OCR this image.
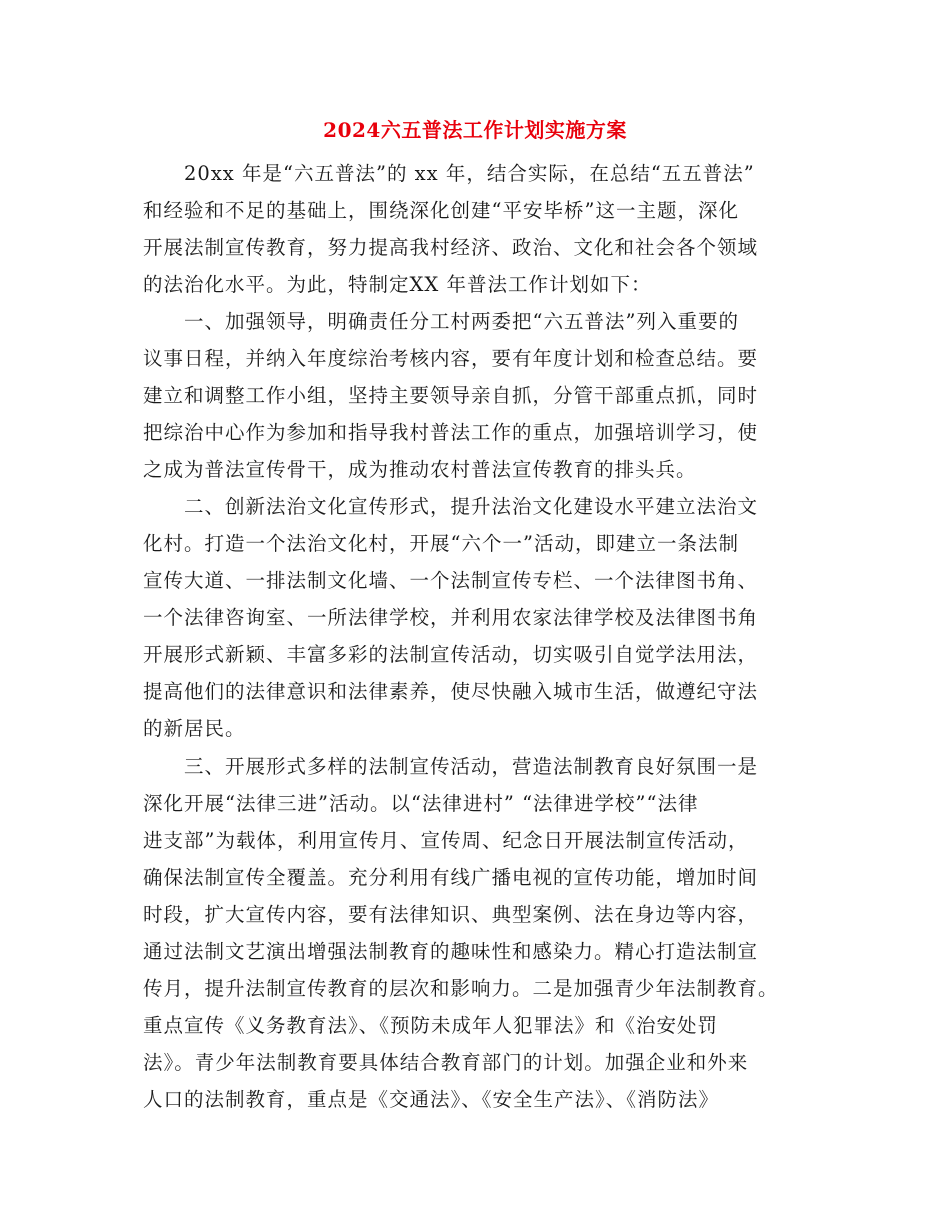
2024六五普法工作计划实施方案
　　20xx 年是“六五普法”的 xx 年，结合实际，在总结“五五普法”
和经验和不足的基础上，围绕深化创建“平安毕桥”这一主题，深化
开展法制宣传教育，努力提高我村经济、政治、文化和社会各个领域
的法治化水平。为此，特制定XX 年普法工作计划如下：
　　一、加强领导，明确责任分工村两委把“六五普法”列入重要的
议事日程，并纳入年度综治考核内容，要有年度计划和检查总结。要
建立和调整工作小组，坚持主要领导亲自抓，分管干部重点抓，同时
把综治中心作为参加和指导我村普法工作的重点，加强培训学习，使
之成为普法宣传骨干，成为推动农村普法宣传教育的排头兵。
　　二、创新法治文化宣传形式，提升法治文化建设水平建立法治文
化村。打造一个法治文化村，开展“六个一”活动，即建立一条法制
宣传大道、一排法制文化墙、一个法制宣传专栏、一个法律图书角、
一个法律咨询室、一所法律学校，并利用农家法律学校及法律图书角
开展形式新颖、丰富多彩的法制宣传活动，切实吸引自觉学法用法，
提高他们的法律意识和法律素养，使尽快融入城市生活，做遵纪守法
的新居民。
　　三、开展形式多样的法制宣传活动，营造法制教育良好氛围一是
深化开展“法律三进”活动。以“法律进村” “法律进学校”“法律
进支部”为载体，利用宣传月、宣传周、纪念日开展法制宣传活动，
确保法制宣传全覆盖。充分利用有线广播电视的宣传功能，增加时间
时段，扩大宣传内容，要有法律知识、典型案例、法在身边等内容，
通过法制文艺演出增强法制教育的趣味性和感染力。精心打造法制宣
传月，提升法制宣传教育的层次和影响力。二是加强青少年法制教育。
重点宣传《义务教育法》、《预防未成年人犯罪法》和《治安处罚
法》。青少年法制教育要具体结合教育部门的计划。加强企业和外来
人口的法制教育，重点是《交通法》、《安全生产法》、《消防法》
